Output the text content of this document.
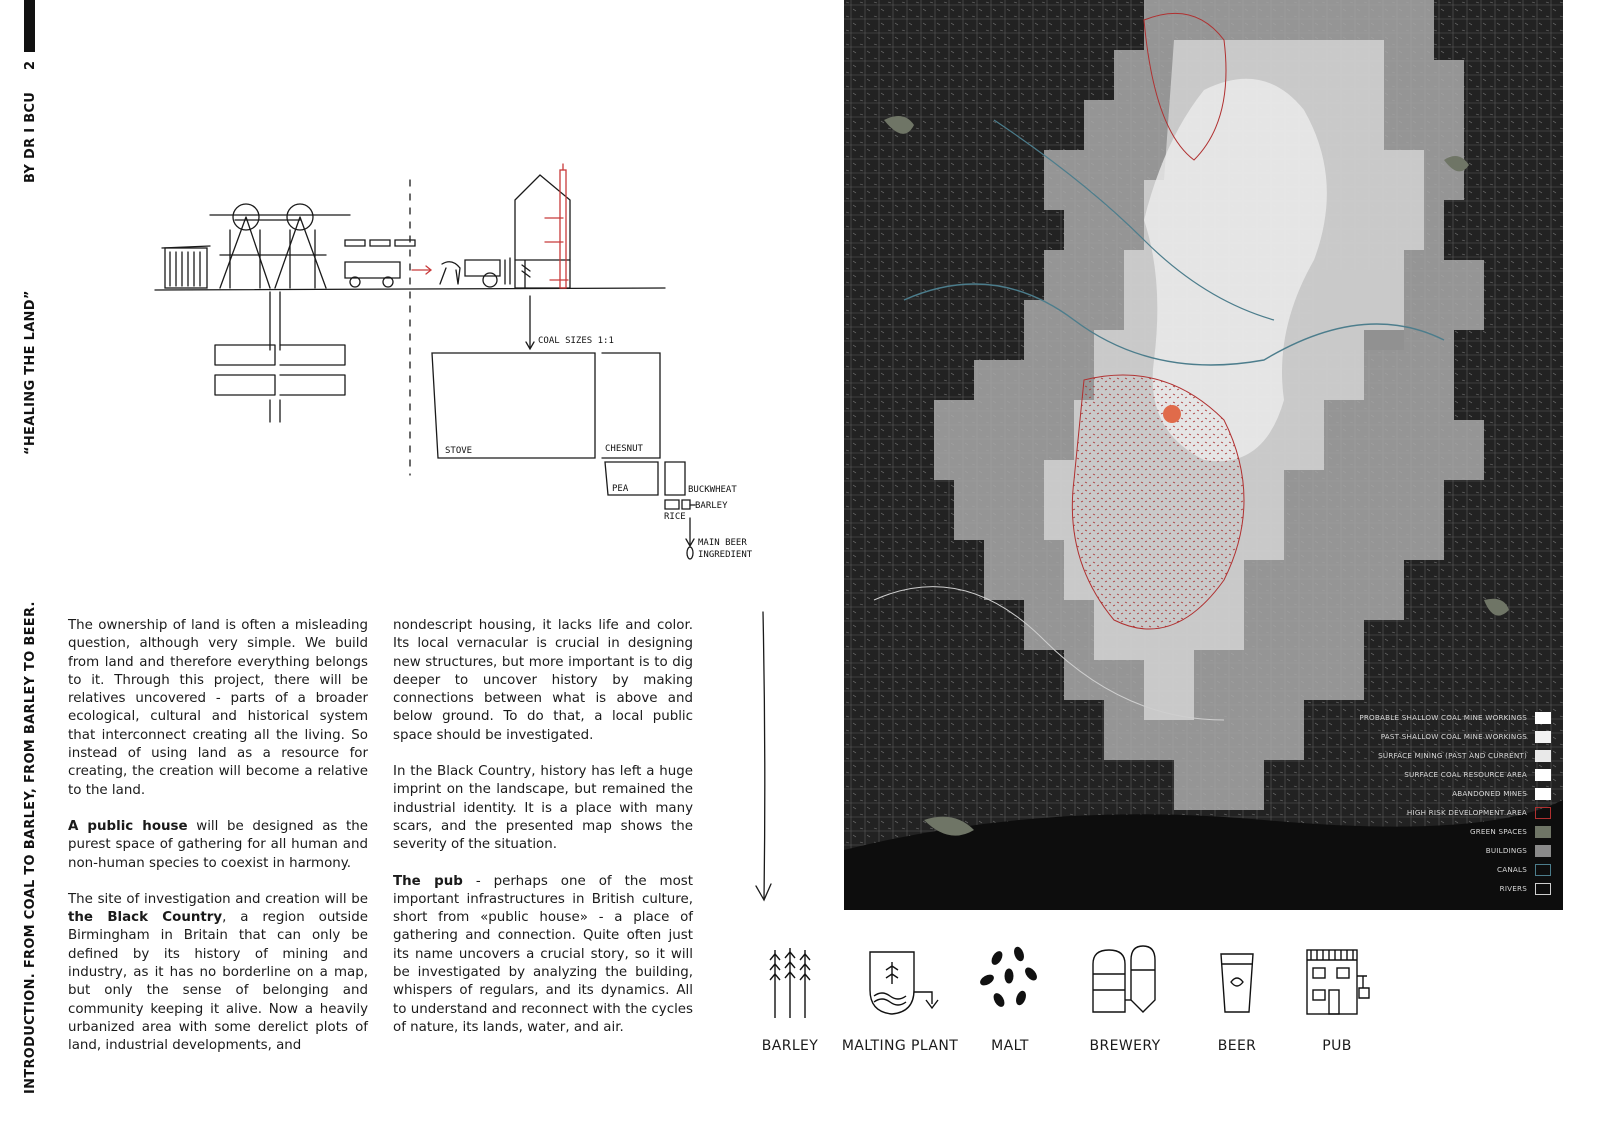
2
BY DR I BCU
“HEALING THE LAND”
INTRODUCTION. FROM COAL TO BARLEY, FROM BARLEY TO BEER.
COAL SIZES 1:1
STOVE	CHESNUT
PEA	BUCKWHEAT
BARLEY
RICE
MAIN BEER
INGREDIENT

The ownership of land is often a misleading question, although very simple. We build from land and therefore everything belongs to it. Through this project, there will be relatives uncovered - parts of a broader ecological, cultural and historical system that interconnect creating all the living. So instead of using land as a resource for creating, the creation will become a relative to the land.

A public house will be designed as the purest space of gathering for all human and non-human species to coexist in harmony.

The site of investigation and creation will be the Black Country, a region outside Birmingham in Britain that can only be defined by its history of mining and industry, as it has no borderline on a map, but only the sense of belonging and community keeping it alive. Now a heavily urbanized area with some derelict plots of land, industrial developments, and

nondescript housing, it lacks life and color. Its local vernacular is crucial in designing new structures, but more important is to dig deeper to uncover history by making connections between what is above and below ground. To do that, a local public space should be investigated.

In the Black Country, history has left a huge imprint on the landscape, but remained the industrial identity. It is a place with many scars, and the presented map shows the severity of the situation.

The pub - perhaps one of the most important infrastructures in British culture, short from «public house» - a place of gathering and connection. Quite often just its name uncovers a crucial story, so it will be investigated by analyzing the building, whispers of regulars, and its dynamics. All to understand and reconnect with the cycles of nature, its lands, water, and air.

PROBABLE SHALLOW COAL MINE WORKINGS
PAST SHALLOW COAL MINE WORKINGS
SURFACE MINING (PAST AND CURRENT)
SURFACE COAL RESOURCE AREA
ABANDONED MINES
HIGH RISK DEVELOPMENT AREA
GREEN SPACES
BUILDINGS
CANALS
RIVERS
BARLEY	MALTING PLANT	MALT	BREWERY	BEER	PUB
